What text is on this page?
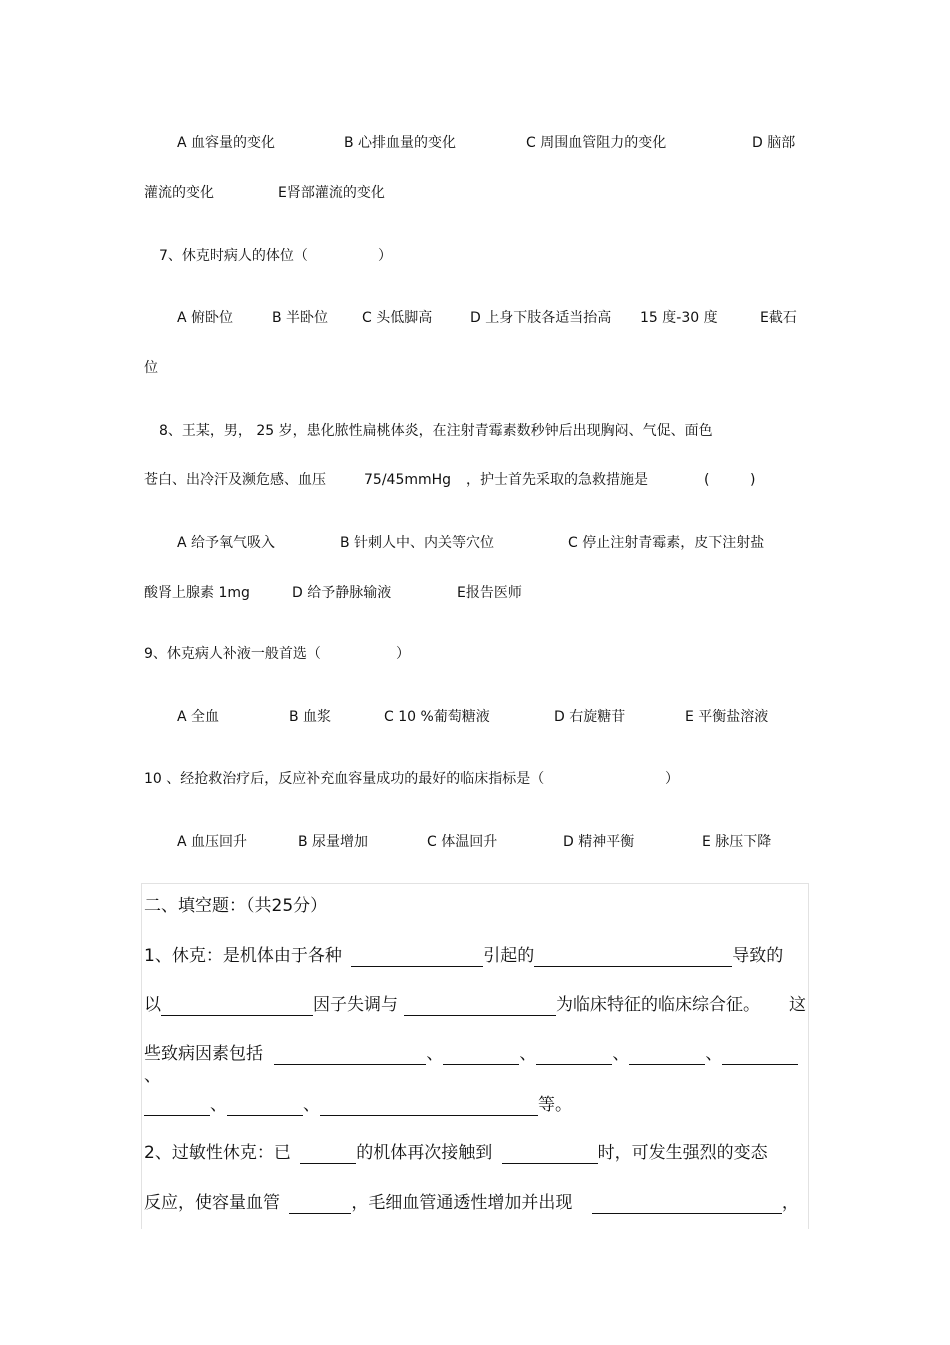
A 血容量的变化	B 心排血量的变化	C 周围血管阻力的变化	D 脑部
灌流的变化	E肾部灌流的变化
7、休克时病人的体位（	）
A 俯卧位	B 半卧位 C 头低脚高	D 上身下肢各适当抬高 15 度-30 度	E截石
位
8、王某，男， 25 岁，患化脓性扁桃体炎，在注射青霉素数秒钟后出现胸闷、气促、面色
苍白、出冷汗及濒危感、血压	75/45mmHg ，护士首先采取的急救措施是	(	)
A 给予氧气吸入	B 针刺人中、内关等穴位	C 停止注射青霉素，皮下注射盐
酸肾上腺素 1mg	D 给予静脉输液	E报告医师
9、休克病人补液一般首选（	）
A 全血	B 血浆	C 10 %葡萄糖液	D 右旋糖苷	E 平衡盐溶液
10 、经抢救治疗后，反应补充血容量成功的最好的临床指标是（	）
A 血压回升	B 尿量增加	C 体温回升	D 精神平衡	E 脉压下降
二、填空题：（共25分）
1、休克：是机体由于各种	引起的	导致的
以	因子失调与	为临床特征的临床综合征。 这
些致病因素包括	、	、	、	、、
、	、	等。
2、过敏性休克：已	的机体再次接触到	时，可发生强烈的变态
反应，使容量血管	，毛细血管通透性增加并出现	，
